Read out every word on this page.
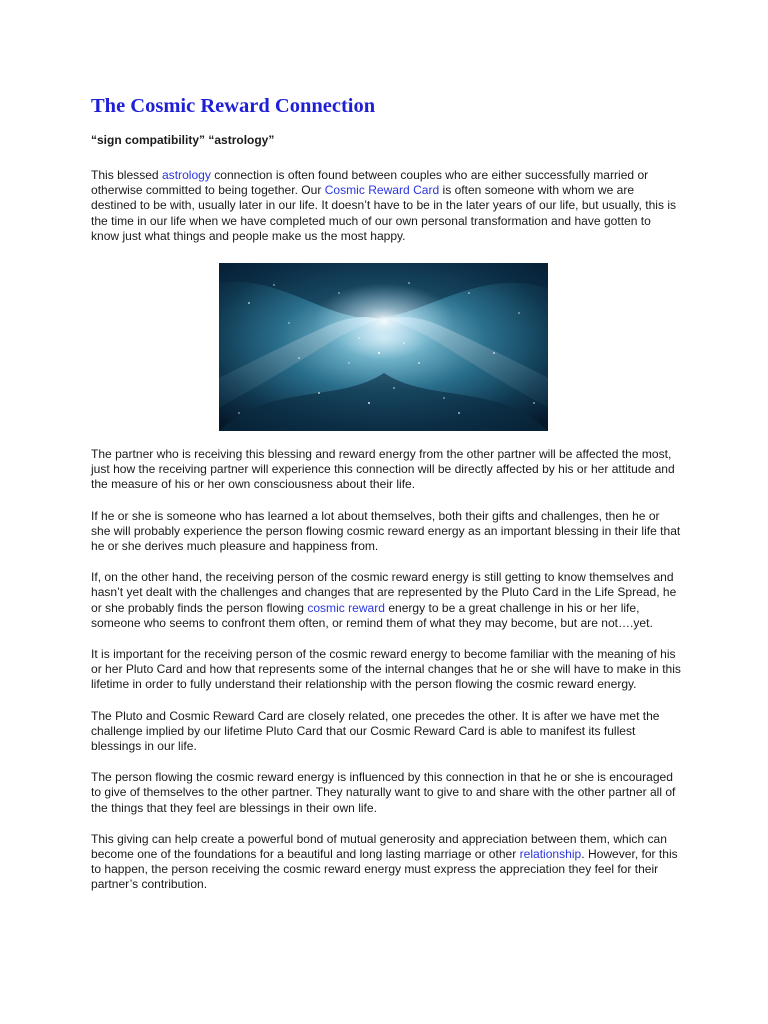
The Cosmic Reward Connection
“sign compatibility” “astrology”

This blessed astrology connection is often found between couples who are either successfully married or otherwise committed to being together. Our Cosmic Reward Card is often someone with whom we are destined to be with, usually later in our life. It doesn’t have to be in the later years of our life, but usually, this is the time in our life when we have completed much of our own personal transformation and have gotten to know just what things and people make us the most happy.

The partner who is receiving this blessing and reward energy from the other partner will be affected the most, just how the receiving partner will experience this connection will be directly affected by his or her attitude and the measure of his or her own consciousness about their life.

If he or she is someone who has learned a lot about themselves, both their gifts and challenges, then he or she will probably experience the person flowing cosmic reward energy as an important blessing in their life that he or she derives much pleasure and happiness from.

If, on the other hand, the receiving person of the cosmic reward energy is still getting to know themselves and hasn’t yet dealt with the challenges and changes that are represented by the Pluto Card in the Life Spread, he or she probably finds the person flowing cosmic reward energy to be a great challenge in his or her life, someone who seems to confront them often, or remind them of what they may become, but are not….yet.

It is important for the receiving person of the cosmic reward energy to become familiar with the meaning of his or her Pluto Card and how that represents some of the internal changes that he or she will have to make in this lifetime in order to fully understand their relationship with the person flowing the cosmic reward energy.

The Pluto and Cosmic Reward Card are closely related, one precedes the other. It is after we have met the challenge implied by our lifetime Pluto Card that our Cosmic Reward Card is able to manifest its fullest blessings in our life.

The person flowing the cosmic reward energy is influenced by this connection in that he or she is encouraged to give of themselves to the other partner. They naturally want to give to and share with the other partner all of the things that they feel are blessings in their own life.

This giving can help create a powerful bond of mutual generosity and appreciation between them, which can become one of the foundations for a beautiful and long lasting marriage or other relationship. However, for this to happen, the person receiving the cosmic reward energy must express the appreciation they feel for their partner’s contribution.
